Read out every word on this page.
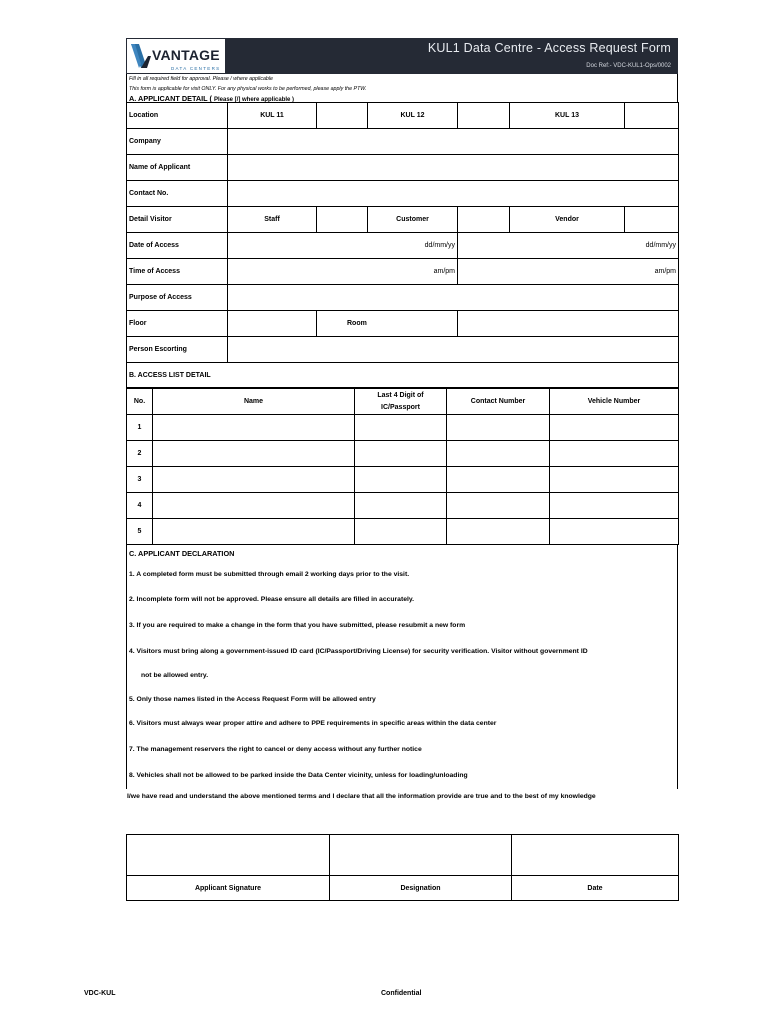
VANTAGE
DATA CENTERS
KUL1 Data Centre - Access Request Form
Doc Ref:- VDC-KUL1-Ops/0002
Fill in all required field for approval. Please / where applicable
This form is applicable for visit ONLY. For any physical works to be performed, please apply the PTW.
A. APPLICANT DETAIL ( Please [/] where applicable )
Location	KUL 11		KUL 12		KUL 13	
Company						
Name of Applicant						
Contact No.						
Detail Visitor	Staff		Customer		Vendor	
Date of Access	dd/mm/yy			dd/mm/yy		
Time of Access	am/pm			am/pm		
Purpose of Access						
Floor		Room				
Person Escorting						
B. ACCESS LIST DETAIL						
No.	Name	Last 4 Digit of IC/Passport	Contact Number	Vehicle Number
1				
2				
3				
4				
5				
C. APPLICANT DECLARATION
1. A completed form must be submitted through email 2 working days prior to the visit.
2. Incomplete form will not be approved. Please ensure all details are filled in accurately.
3. If you are required to make a change in the form that you have submitted, please resubmit a new form
4. Visitors must bring along a government-issued ID card (IC/Passport/Driving License) for security verification. Visitor without government ID
not be allowed entry.
5. Only those names listed in the Access Request Form will be allowed entry
6. Visitors must always wear proper attire and adhere to PPE requirements in specific areas within the data center
7. The management reservers the right to cancel or deny access without any further notice
8. Vehicles shall not be allowed to be parked inside the Data Center vicinity, unless for loading/unloading
I/we have read and understand the above mentioned terms and I declare that all the information provide are true and to the best of my knowledge

Applicant Signature	Designation	Date
VDC-KUL	Confidential
